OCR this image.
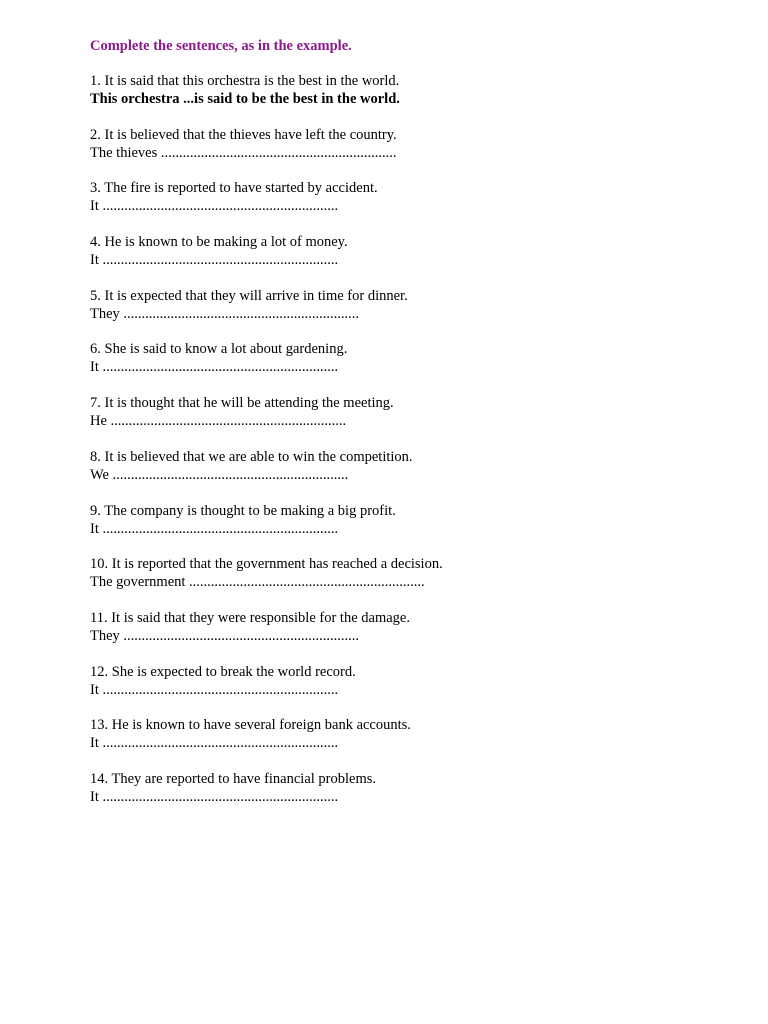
Complete the sentences, as in the example.

1. It is said that this orchestra is the best in the world.
This orchestra ...is said to be the best in the world.
2. It is believed that the thieves have left the country.
The thieves .................................................................
3. The fire is reported to have started by accident.
It .................................................................
4. He is known to be making a lot of money.
It .................................................................
5. It is expected that they will arrive in time for dinner.
They .................................................................
6. She is said to know a lot about gardening.
It .................................................................
7. It is thought that he will be attending the meeting.
He .................................................................
8. It is believed that we are able to win the competition.
We .................................................................
9. The company is thought to be making a big profit.
It .................................................................
10. It is reported that the government has reached a decision.
The government .................................................................
11. It is said that they were responsible for the damage.
They .................................................................
12. She is expected to break the world record.
It .................................................................
13. He is known to have several foreign bank accounts.
It .................................................................
14. They are reported to have financial problems.
It .................................................................
